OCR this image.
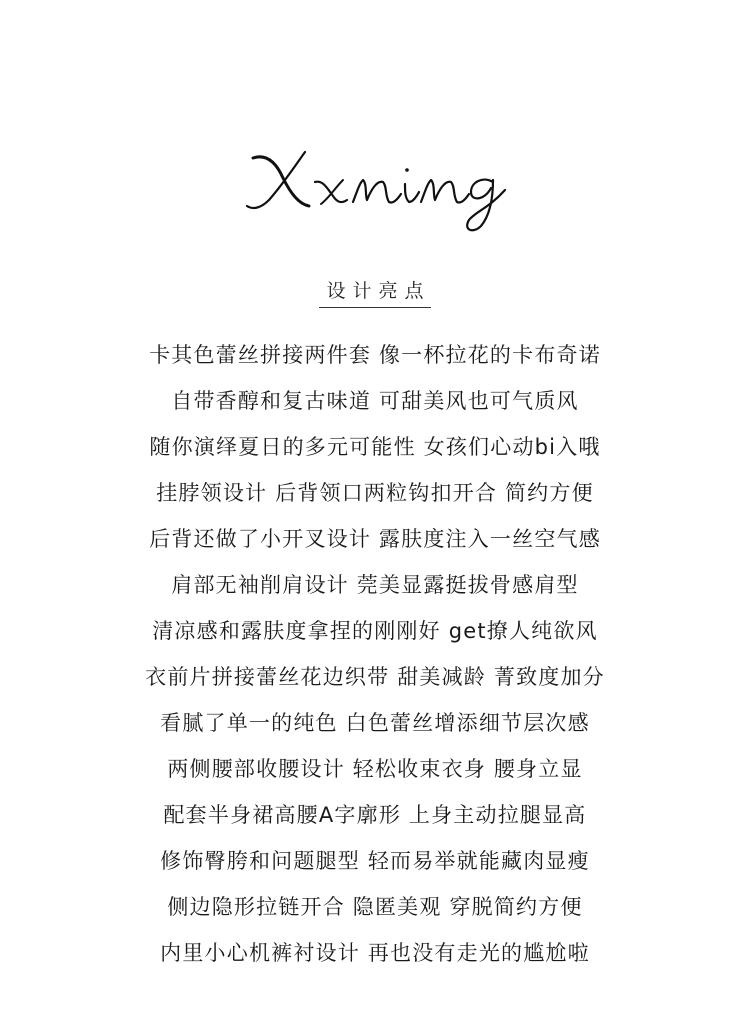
设计亮点
卡其色蕾丝拼接两件套 像一杯拉花的卡布奇诺
自带香醇和复古味道 可甜美风也可气质风
随你演绎夏日的多元可能性 女孩们心动bi入哦
挂脖领设计 后背领口两粒钩扣开合 简约方便
后背还做了小开叉设计 露肤度注入一丝空气感
肩部无袖削肩设计 莞美显露挺拔骨感肩型
清凉感和露肤度拿捏的刚刚好 get撩人纯欲风
衣前片拼接蕾丝花边织带 甜美减龄 菁致度加分
看腻了单一的纯色 白色蕾丝增添细节层次感
两侧腰部收腰设计 轻松收束衣身 腰身立显
配套半身裙高腰A字廓形 上身主动拉腿显高
修饰臀胯和问题腿型 轻而易举就能藏肉显瘦
侧边隐形拉链开合 隐匿美观 穿脱简约方便
内里小心机裤衬设计 再也没有走光的尴尬啦
